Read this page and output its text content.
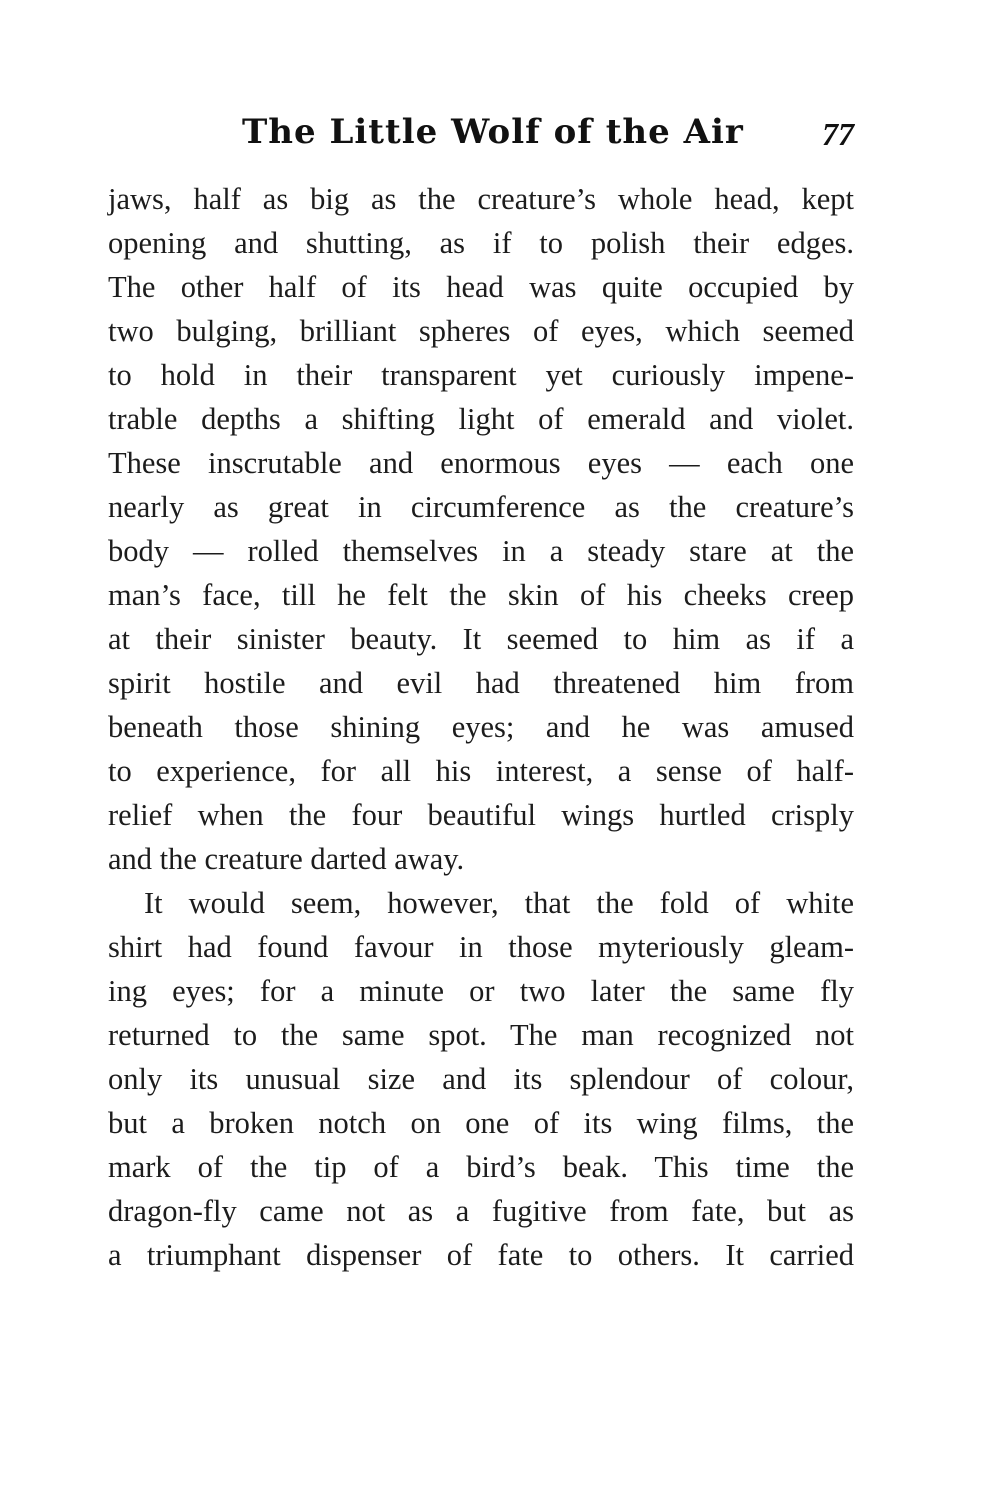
The Little Wolf of the Air 77
jaws, half as big as the creature’s whole head, kept
opening and shutting, as if to polish their edges.
The other half of its head was quite occupied by
two bulging, brilliant spheres of eyes, which seemed
to hold in their transparent yet curiously impene-
trable depths a shifting light of emerald and violet.
These inscrutable and enormous eyes — each one
nearly as great in circumference as the creature’s
body — rolled themselves in a steady stare at the
man’s face, till he felt the skin of his cheeks creep
at their sinister beauty. It seemed to him as if a
spirit hostile and evil had threatened him from
beneath those shining eyes; and he was amused
to experience, for all his interest, a sense of half-
relief when the four beautiful wings hurtled crisply
and the creature darted away.
It would seem, however, that the fold of white
shirt had found favour in those myteriously gleam-
ing eyes; for a minute or two later the same fly
returned to the same spot. The man recognized not
only its unusual size and its splendour of colour,
but a broken notch on one of its wing films, the
mark of the tip of a bird’s beak. This time the
dragon-fly came not as a fugitive from fate, but as
a triumphant dispenser of fate to others. It carried
